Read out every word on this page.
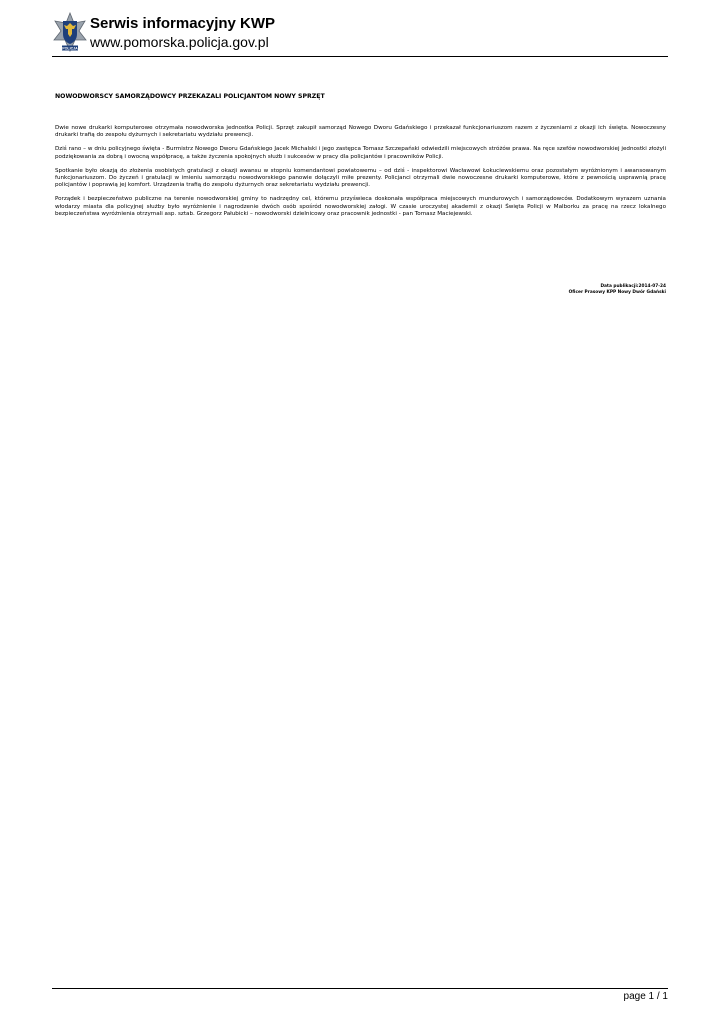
POLICJA
Serwis informacyjny KWP
www.pomorska.policja.gov.pl
NOWODWORSCY SAMORZĄDOWCY PRZEKAZALI POLICJANTOM NOWY SPRZĘT

Dwie nowe drukarki komputerowe otrzymała nowodworska jednostka Policji. Sprzęt zakupił samorząd Nowego Dworu Gdańskiego i przekazał funkcjonariuszom razem z życzeniami z okazji ich święta. Nowoczesny drukarki trafią do zespołu dyżurnych i sekretariatu wydziału prewencji.

Dziś rano – w dniu policyjnego święta - Burmistrz Nowego Dworu Gdańskiego Jacek Michalski i jego zastępca Tomasz Szczepański odwiedzili miejscowych stróżów prawa. Na ręce szefów nowodworskiej jednostki złożyli podziękowania za dobrą i owocną współpracę, a także życzenia spokojnych służb i sukcesów w pracy dla policjantów i pracowników Policji.

Spotkanie było okazją do złożenia osobistych gratulacji z okazji awansu w stopniu komendantowi powiatowemu – od dziś - inspektorowi Wacławowi Łokuciewskiemu oraz pozostałym wyróżnionym i awansowanym funkcjonariuszom. Do życzeń i gratulacji w imieniu samorządu nowodworskiego panowie dołączyli miłe prezenty. Policjanci otrzymali dwie nowoczesne drukarki komputerowe, które z pewnością usprawnią pracę policjantów i poprawią jej komfort. Urządzenia trafią do zespołu dyżurnych oraz sekretariatu wydziału prewencji.

Porządek i bezpieczeństwo publiczne na terenie nowodworskiej gminy to nadrzędny cel, któremu przyświeca doskonała współpraca miejscowych mundurowych i samorządowców. Dodatkowym wyrazem uznania włodarzy miasta dla policyjnej służby było wyróżnienie i nagrodzenie dwóch osób spośród nowodworskiej załogi. W czasie uroczystej akademii z okazji Święta Policji w Malborku za pracę na rzecz lokalnego bezpieczeństwa wyróżnienia otrzymali asp. sztab. Grzegorz Pałubicki – nowodworski dzielnicowy oraz pracownik jednostki - pan Tomasz Maciejewski.

Data publikacji:2014-07-24
Oficer Prasowy KPP Nowy Dwór Gdański
page 1 / 1
